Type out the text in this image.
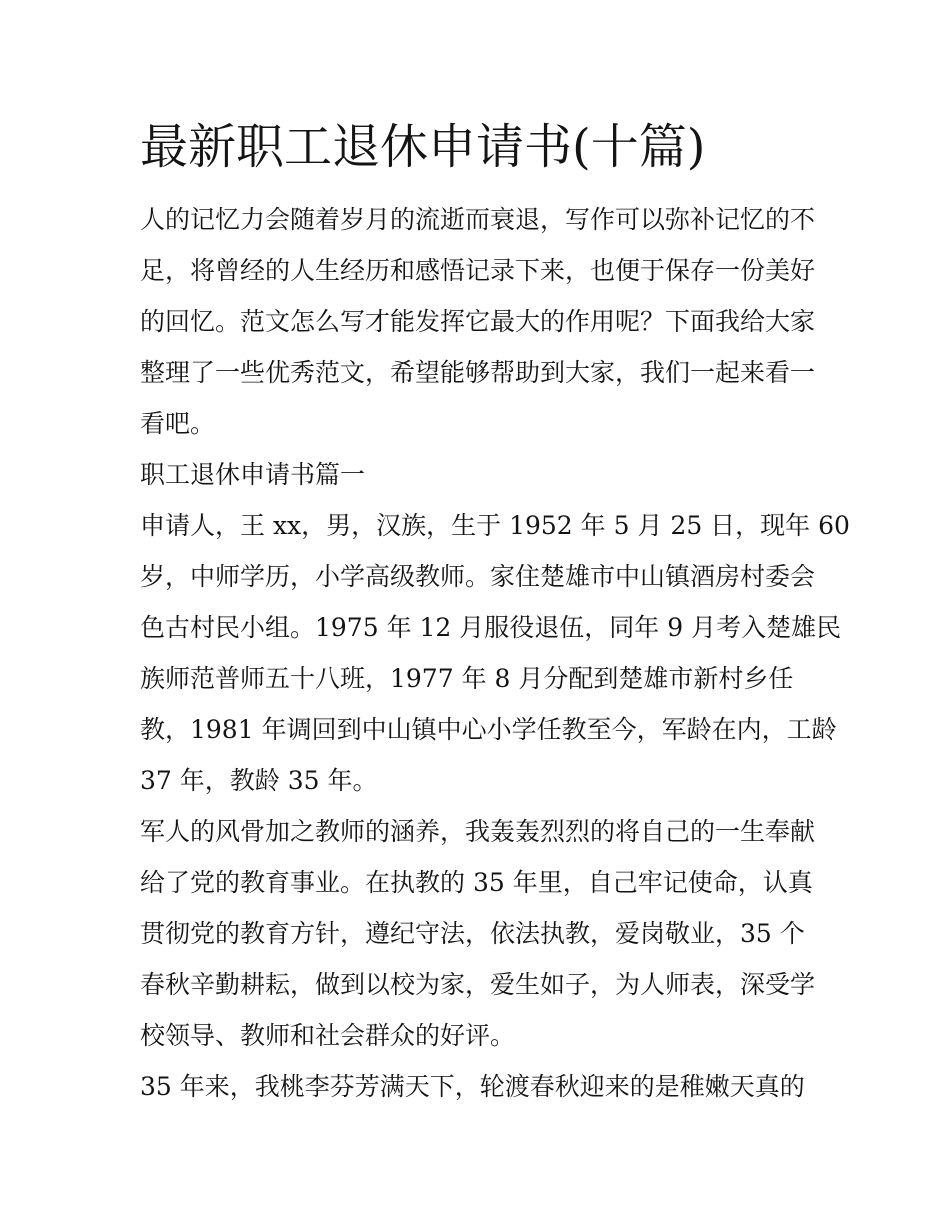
最新职工退休申请书(十篇)
人的记忆力会随着岁月的流逝而衰退，写作可以弥补记忆的不
足，将曾经的人生经历和感悟记录下来，也便于保存一份美好
的回忆。范文怎么写才能发挥它最大的作用呢？下面我给大家
整理了一些优秀范文，希望能够帮助到大家，我们一起来看一
看吧。
职工退休申请书篇一
申请人，王 xx，男，汉族，生于 1952 年 5 月 25 日，现年 60
岁，中师学历，小学高级教师。家住楚雄市中山镇酒房村委会
色古村民小组。1975 年 12 月服役退伍，同年 9 月考入楚雄民
族师范普师五十八班，1977 年 8 月分配到楚雄市新村乡任
教，1981 年调回到中山镇中心小学任教至今，军龄在内，工龄
37 年，教龄 35 年。
军人的风骨加之教师的涵养，我轰轰烈烈的将自己的一生奉献
给了党的教育事业。在执教的 35 年里，自己牢记使命，认真
贯彻党的教育方针，遵纪守法，依法执教，爱岗敬业，35 个
春秋辛勤耕耘，做到以校为家，爱生如子，为人师表，深受学
校领导、教师和社会群众的好评。
35 年来，我桃李芬芳满天下，轮渡春秋迎来的是稚嫩天真的
